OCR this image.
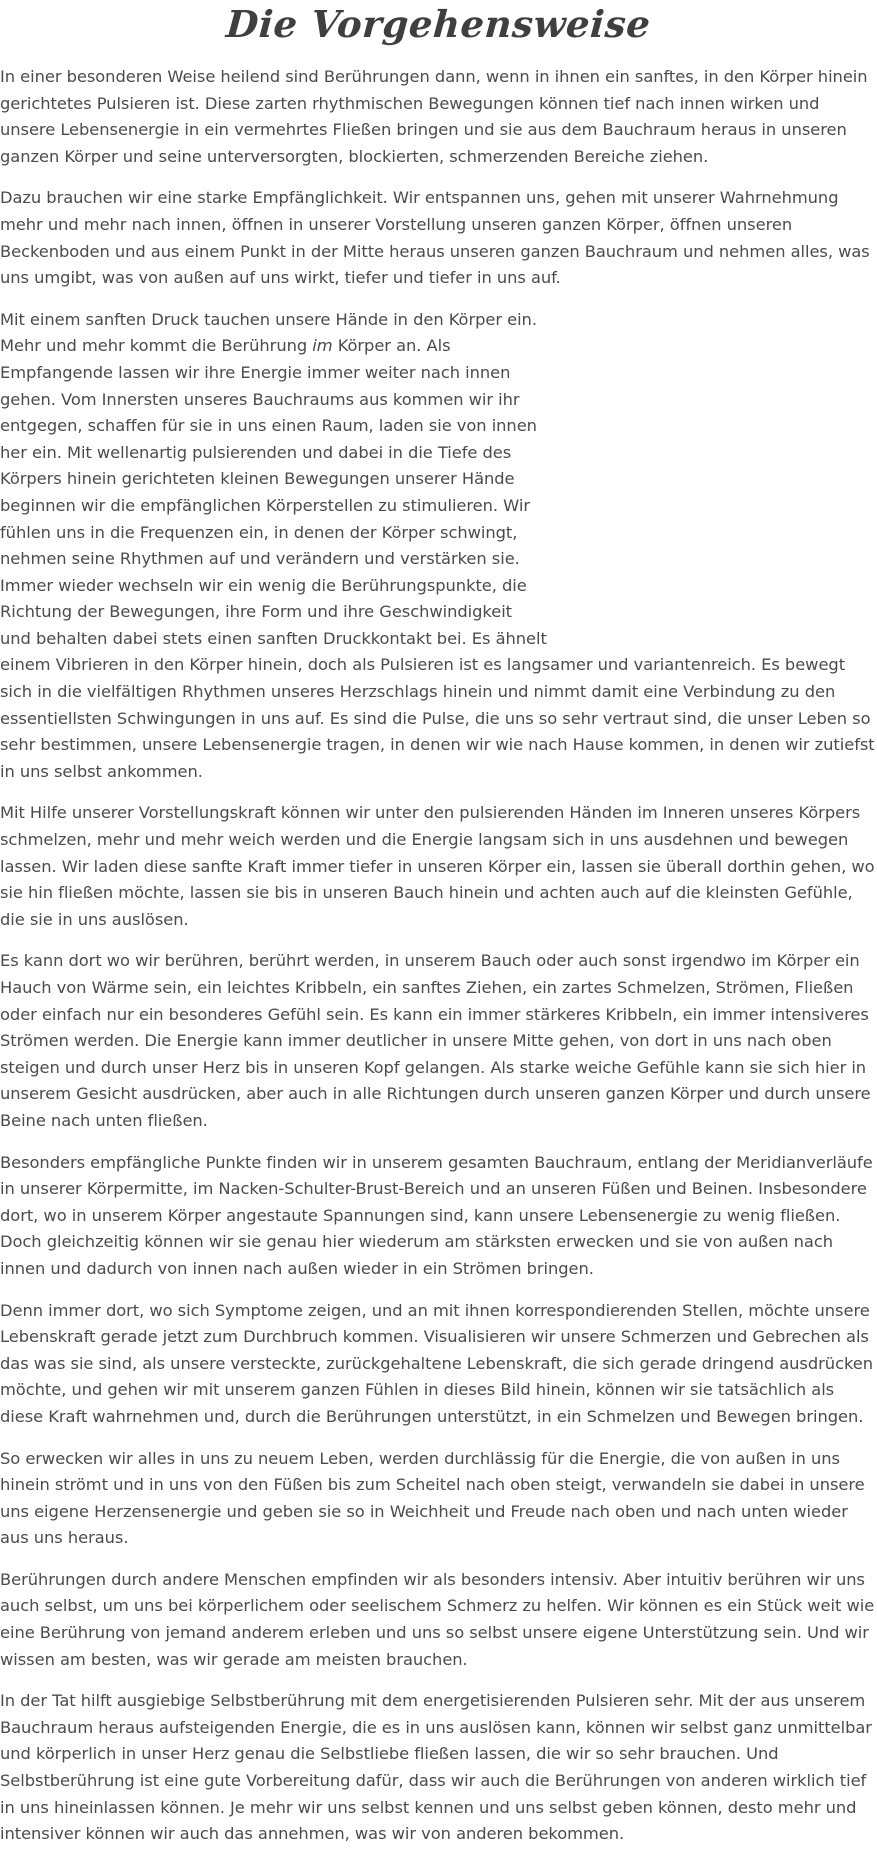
Die Vorgehensweise

In einer besonderen Weise heilend sind Berührungen dann, wenn in ihnen ein sanftes, in den Körper hinein gerichtetes Pulsieren ist. Diese zarten rhythmischen Bewegungen können tief nach innen wirken und unsere Lebensenergie in ein vermehrtes Fließen bringen und sie aus dem Bauchraum heraus in unseren ganzen Körper und seine unterversorgten, blockierten, schmerzenden Bereiche ziehen.

Dazu brauchen wir eine starke Empfänglichkeit. Wir entspannen uns, gehen mit unserer Wahrnehmung mehr und mehr nach innen, öffnen in unserer Vorstellung unseren ganzen Körper, öffnen unseren Beckenboden und aus einem Punkt in der Mitte heraus unseren ganzen Bauchraum und nehmen alles, was uns umgibt, was von außen auf uns wirkt, tiefer und tiefer in uns auf.

Mit einem sanften Druck tauchen unsere Hände in den Körper ein. Mehr und mehr kommt die Berührung im Körper an. Als Empfangende lassen wir ihre Energie immer weiter nach innen gehen. Vom Innersten unseres Bauchraums aus kommen wir ihr entgegen, schaffen für sie in uns einen Raum, laden sie von innen her ein. Mit wellenartig pulsierenden und dabei in die Tiefe des Körpers hinein gerichteten kleinen Bewegungen unserer Hände beginnen wir die empfänglichen Körperstellen zu stimulieren. Wir fühlen uns in die Frequenzen ein, in denen der Körper schwingt, nehmen seine Rhythmen auf und verändern und verstärken sie. Immer wieder wechseln wir ein wenig die Berührungspunkte, die Richtung der Bewegungen, ihre Form und ihre Geschwindigkeit und behalten dabei stets einen sanften Druckkontakt bei. Es ähnelt einem Vibrieren in den Körper hinein, doch als Pulsieren ist es langsamer und variantenreich. Es bewegt sich in die vielfältigen Rhythmen unseres Herzschlags hinein und nimmt damit eine Verbindung zu den essentiellsten Schwingungen in uns auf. Es sind die Pulse, die uns so sehr vertraut sind, die unser Leben so sehr bestimmen, unsere Lebensenergie tragen, in denen wir wie nach Hause kommen, in denen wir zutiefst in uns selbst ankommen.

Mit Hilfe unserer Vorstellungskraft können wir unter den pulsierenden Händen im Inneren unseres Körpers schmelzen, mehr und mehr weich werden und die Energie langsam sich in uns ausdehnen und bewegen lassen. Wir laden diese sanfte Kraft immer tiefer in unseren Körper ein, lassen sie überall dorthin gehen, wo sie hin fließen möchte, lassen sie bis in unseren Bauch hinein und achten auch auf die kleinsten Gefühle, die sie in uns auslösen.

Es kann dort wo wir berühren, berührt werden, in unserem Bauch oder auch sonst irgendwo im Körper ein Hauch von Wärme sein, ein leichtes Kribbeln, ein sanftes Ziehen, ein zartes Schmelzen, Strömen, Fließen oder einfach nur ein besonderes Gefühl sein. Es kann ein immer stärkeres Kribbeln, ein immer intensiveres Strömen werden. Die Energie kann immer deutlicher in unsere Mitte gehen, von dort in uns nach oben steigen und durch unser Herz bis in unseren Kopf gelangen. Als starke weiche Gefühle kann sie sich hier in unserem Gesicht ausdrücken, aber auch in alle Richtungen durch unseren ganzen Körper und durch unsere Beine nach unten fließen.

Besonders empfängliche Punkte finden wir in unserem gesamten Bauchraum, entlang der Meridianverläufe in unserer Körpermitte, im Nacken-Schulter-Brust-Bereich und an unseren Füßen und Beinen. Insbesondere dort, wo in unserem Körper angestaute Spannungen sind, kann unsere Lebensenergie zu wenig fließen. Doch gleichzeitig können wir sie genau hier wiederum am stärksten erwecken und sie von außen nach innen und dadurch von innen nach außen wieder in ein Strömen bringen.

Denn immer dort, wo sich Symptome zeigen, und an mit ihnen korrespondierenden Stellen, möchte unsere Lebenskraft gerade jetzt zum Durchbruch kommen. Visualisieren wir unsere Schmerzen und Gebrechen als das was sie sind, als unsere versteckte, zurückgehaltene Lebenskraft, die sich gerade dringend ausdrücken möchte, und gehen wir mit unserem ganzen Fühlen in dieses Bild hinein, können wir sie tatsächlich als diese Kraft wahrnehmen und, durch die Berührungen unterstützt, in ein Schmelzen und Bewegen bringen.

So erwecken wir alles in uns zu neuem Leben, werden durchlässig für die Energie, die von außen in uns hinein strömt und in uns von den Füßen bis zum Scheitel nach oben steigt, verwandeln sie dabei in unsere uns eigene Herzensenergie und geben sie so in Weichheit und Freude nach oben und nach unten wieder aus uns heraus.

Berührungen durch andere Menschen empfinden wir als besonders intensiv. Aber intuitiv berühren wir uns auch selbst, um uns bei körperlichem oder seelischem Schmerz zu helfen. Wir können es ein Stück weit wie eine Berührung von jemand anderem erleben und uns so selbst unsere eigene Unterstützung sein. Und wir wissen am besten, was wir gerade am meisten brauchen.

In der Tat hilft ausgiebige Selbstberührung mit dem energetisierenden Pulsieren sehr. Mit der aus unserem Bauchraum heraus aufsteigenden Energie, die es in uns auslösen kann, können wir selbst ganz unmittelbar und körperlich in unser Herz genau die Selbstliebe fließen lassen, die wir so sehr brauchen. Und Selbstberührung ist eine gute Vorbereitung dafür, dass wir auch die Berührungen von anderen wirklich tief in uns hineinlassen können. Je mehr wir uns selbst kennen und uns selbst geben können, desto mehr und intensiver können wir auch das annehmen, was wir von anderen bekommen.
